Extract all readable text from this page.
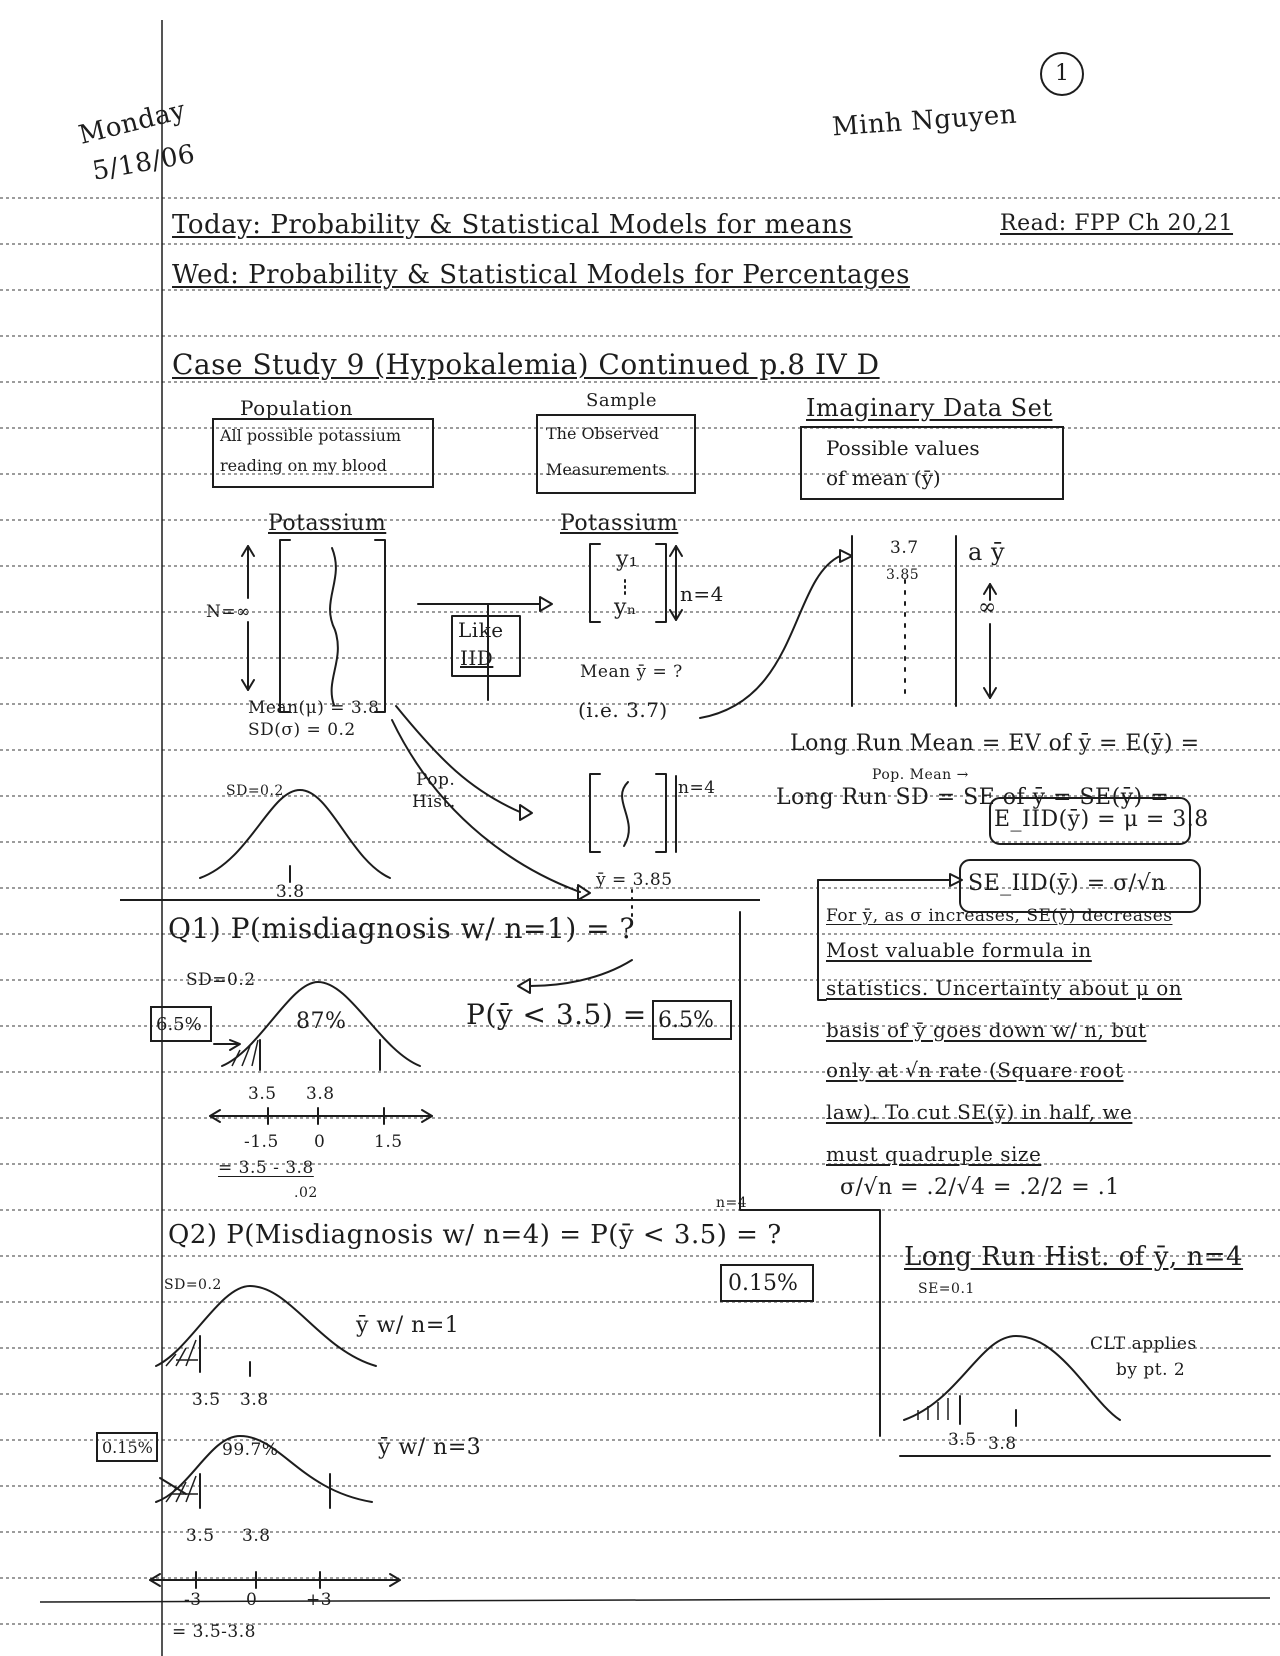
Monday
5/18/06
Minh Nguyen
1
Today: Probability & Statistical Models for means	Read: FPP Ch 20,21
Wed: Probability & Statistical Models for Percentages
Case Study 9 (Hypokalemia) Continued p.8 IV D
Population
All possible potassium
reading on my blood
Sample
The Observed
Measurements
Imaginary Data Set
Possible values
of mean (ȳ)
Potassium	Potassium
N=∞
Like
IID
y₁
yₙ
n=4
Mean ȳ = ?
(i.e. 3.7)
Mean(μ) = 3.8
SD(σ) = 0.2
SD=0.2
Pop.
Hist.
3.8
n=4
ȳ = 3.85
3.7
3.85
a ȳ
∞
Long Run Mean = EV of ȳ = E(ȳ) =
Pop. Mean →
E_IID(ȳ) = μ = 3.8
Long Run SD = SE of ȳ = SE(ȳ) =
SE_IID(ȳ) = σ/√n
For ȳ, as σ increases, SE(ȳ) decreases
Most valuable formula in
statistics. Uncertainty about μ on
basis of ȳ goes down w/ n, but
only at √n rate (Square root
law). To cut SE(ȳ) in half, we
must quadruple size
σ/√n = .2/√4 = .2/2 = .1
Q1) P(misdiagnosis w/ n=1) = ?
SD=0.2
6.5%	87%	P(ȳ < 3.5) = 6.5%
3.5 3.8
-1.5 0	1.5
= 3.5 - 3.8
.02
n=4
Q2) P(Misdiagnosis w/ n=4) = P(ȳ < 3.5) = ?
0.15%
SD=0.2
ȳ w/ n=1
3.5 3.8
0.15%	99.7%	ȳ w/ n=3
3.5 3.8
-3	0	+3
= 3.5-3.8
Long Run Hist. of ȳ, n=4
SE=0.1
CLT applies
by pt. 2
3.5 3.8
